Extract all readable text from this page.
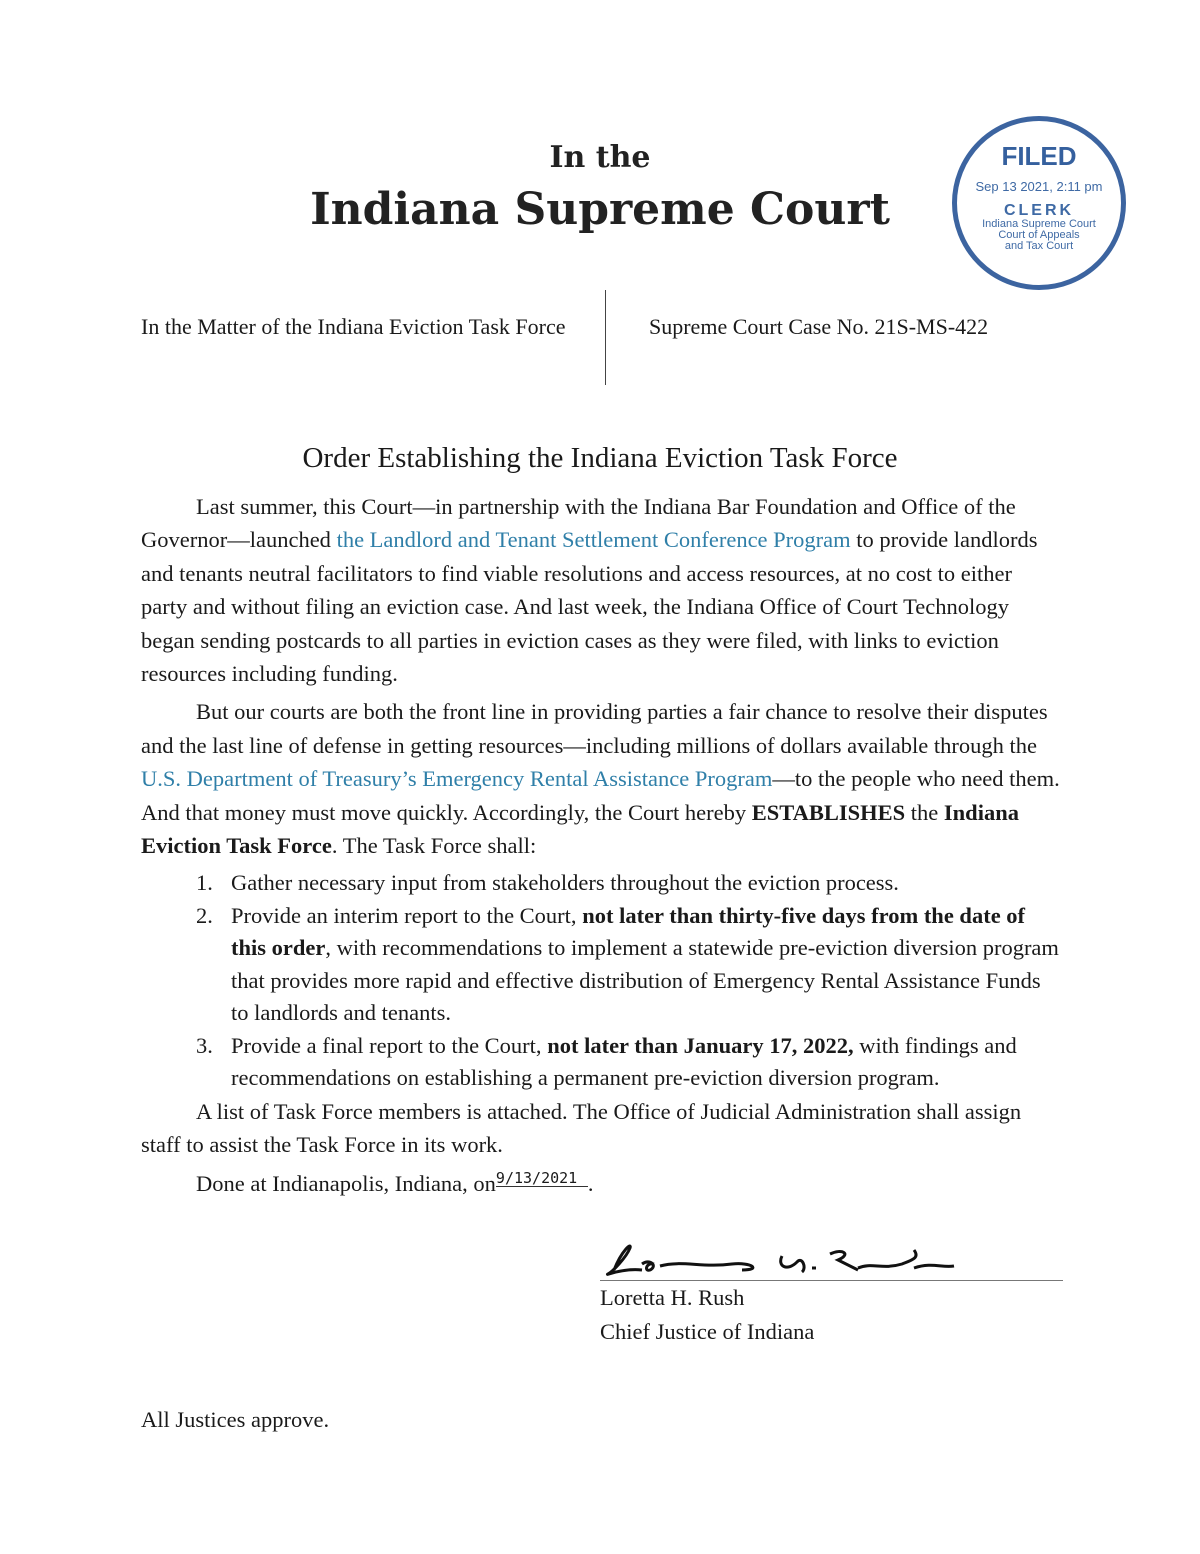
In the
Indiana Supreme Court
FILED
Sep 13 2021, 2:11 pm
CLERK
Indiana Supreme Court
Court of Appeals
and Tax Court
In the Matter of the Indiana Eviction Task Force	Supreme Court Case No. 21S-MS-422
Order Establishing the Indiana Eviction Task Force
Last summer, this Court—in partnership with the Indiana Bar Foundation and Office of the Governor—launched the Landlord and Tenant Settlement Conference Program to provide landlords and tenants neutral facilitators to find viable resolutions and access resources, at no cost to either party and without filing an eviction case. And last week, the Indiana Office of Court Technology began sending postcards to all parties in eviction cases as they were filed, with links to eviction resources including funding.
But our courts are both the front line in providing parties a fair chance to resolve their disputes and the last line of defense in getting resources—including millions of dollars available through the U.S. Department of Treasury’s Emergency Rental Assistance Program—to the people who need them. And that money must move quickly. Accordingly, the Court hereby ESTABLISHES the Indiana Eviction Task Force. The Task Force shall:
1. Gather necessary input from stakeholders throughout the eviction process.
2. Provide an interim report to the Court, not later than thirty-five days from the date of this order, with recommendations to implement a statewide pre-eviction diversion program that provides more rapid and effective distribution of Emergency Rental Assistance Funds to landlords and tenants.
3. Provide a final report to the Court, not later than January 17, 2022, with findings and recommendations on establishing a permanent pre-eviction diversion program.
A list of Task Force members is attached. The Office of Judicial Administration shall assign staff to assist the Task Force in its work.
Done at Indianapolis, Indiana, on9/13/2021 .
Loretta H. Rush
Chief Justice of Indiana
All Justices approve.
